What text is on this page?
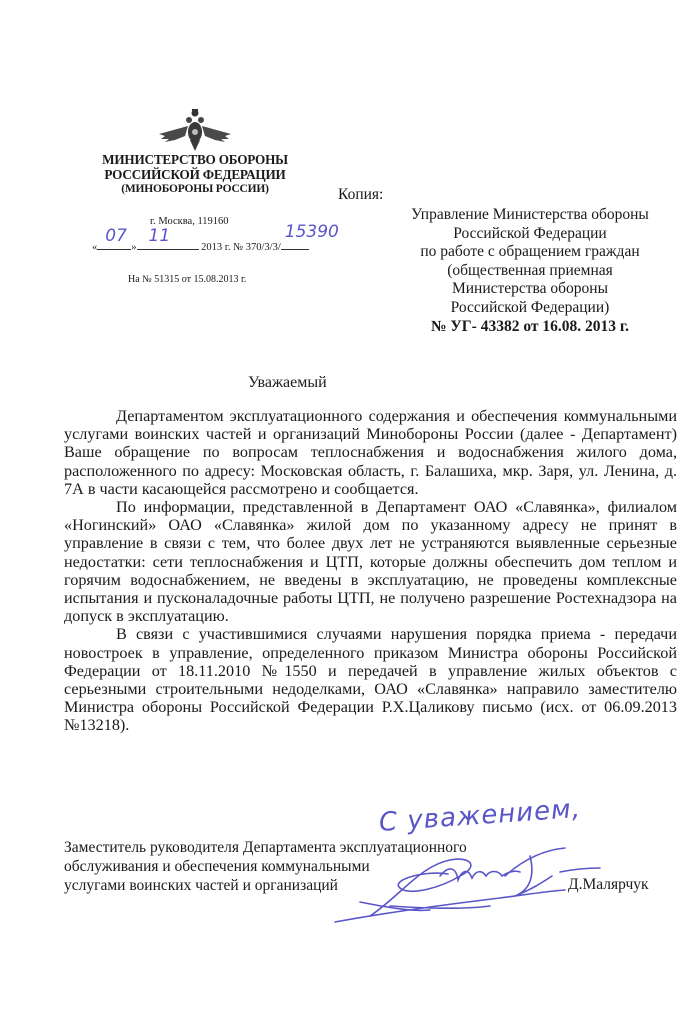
МИНИСТЕРСТВО ОБОРОНЫ
РОССИЙСКОЙ ФЕДЕРАЦИИ
(МИНОБОРОНЫ РОССИИ)
г. Москва, 119160
«
07
»
11
2013 г. № 370/3/3/
15390
На № 51315 от 15.08.2013 г.
Копия:
Управление Министерства обороны
Российской Федерации
по работе с обращением граждан
(общественная приемная
Министерства обороны
Российской Федерации)
№ УГ- 43382 от 16.08. 2013 г.
Уважаемый

Департаментом эксплуатационного содержания и обеспечения коммунальными услугами воинских частей и организаций Минобороны России (далее - Департамент) Ваше обращение по вопросам теплоснабжения и водоснабжения жилого дома, расположенного по адресу: Московская область, г. Балашиха, мкр. Заря, ул. Ленина, д. 7А в части касающейся рассмотрено и сообщается.

По информации, представленной в Департамент ОАО «Славянка», филиалом «Ногинский» ОАО «Славянка» жилой дом по указанному адресу не принят в управление в связи с тем, что более двух лет не устраняются выявленные серьезные недостатки: сети теплоснабжения и ЦТП, которые должны обеспечить дом теплом и горячим водоснабжением, не введены в эксплуатацию, не проведены комплексные испытания и пусконаладочные работы ЦТП, не получено разрешение Ростехнадзора на допуск в эксплуатацию.

В связи с участившимися случаями нарушения порядка приема - передачи новостроек в управление, определенного приказом Министра обороны Российской Федерации от 18.11.2010 №1550 и передачей в управление жилых объектов с серьезными строительными недоделками, ОАО «Славянка» направило заместителю Министра обороны Российской Федерации Р.Х.Цаликову письмо (исх. от 06.09.2013 №13218).

С уважением,
Заместитель руководителя Департамента эксплуатационного
обслуживания и обеспечения коммунальными
услугами воинских частей и организаций	Д.Малярчук
